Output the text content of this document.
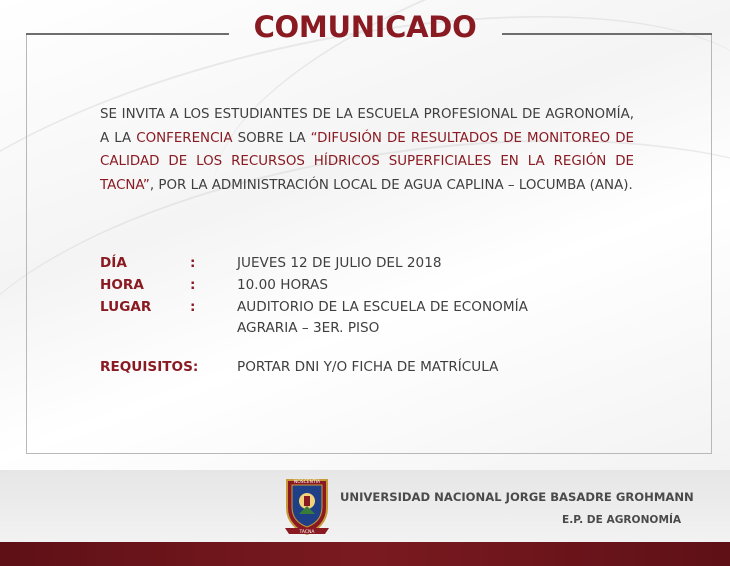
COMUNICADO

SE INVITA A LOS ESTUDIANTES DE LA ESCUELA PROFESIONAL DE AGRONOMÍA, A LA CONFERENCIA SOBRE LA “DIFUSIÓN DE RESULTADOS DE MONITOREO DE CALIDAD DE LOS RECURSOS HÍDRICOS SUPERFICIALES EN LA REGIÓN DE TACNA”, POR LA ADMINISTRACIÓN LOCAL DE AGUA CAPLINA – LOCUMBA (ANA).

DÍA	:	JUEVES 12 DE JULIO DEL 2018
HORA	:	10.00 HORAS
LUGAR	:	AUDITORIO DE LA ESCUELA DE ECONOMÍA
AGRARIA – 3ER. PISO
REQUISITOS:	PORTAR DNI Y/O FICHA DE MATRÍCULA
NOSCENTIA
TACNA
UNIVERSIDAD NACIONAL JORGE BASADRE GROHMANN
E.P. DE AGRONOMÍA
